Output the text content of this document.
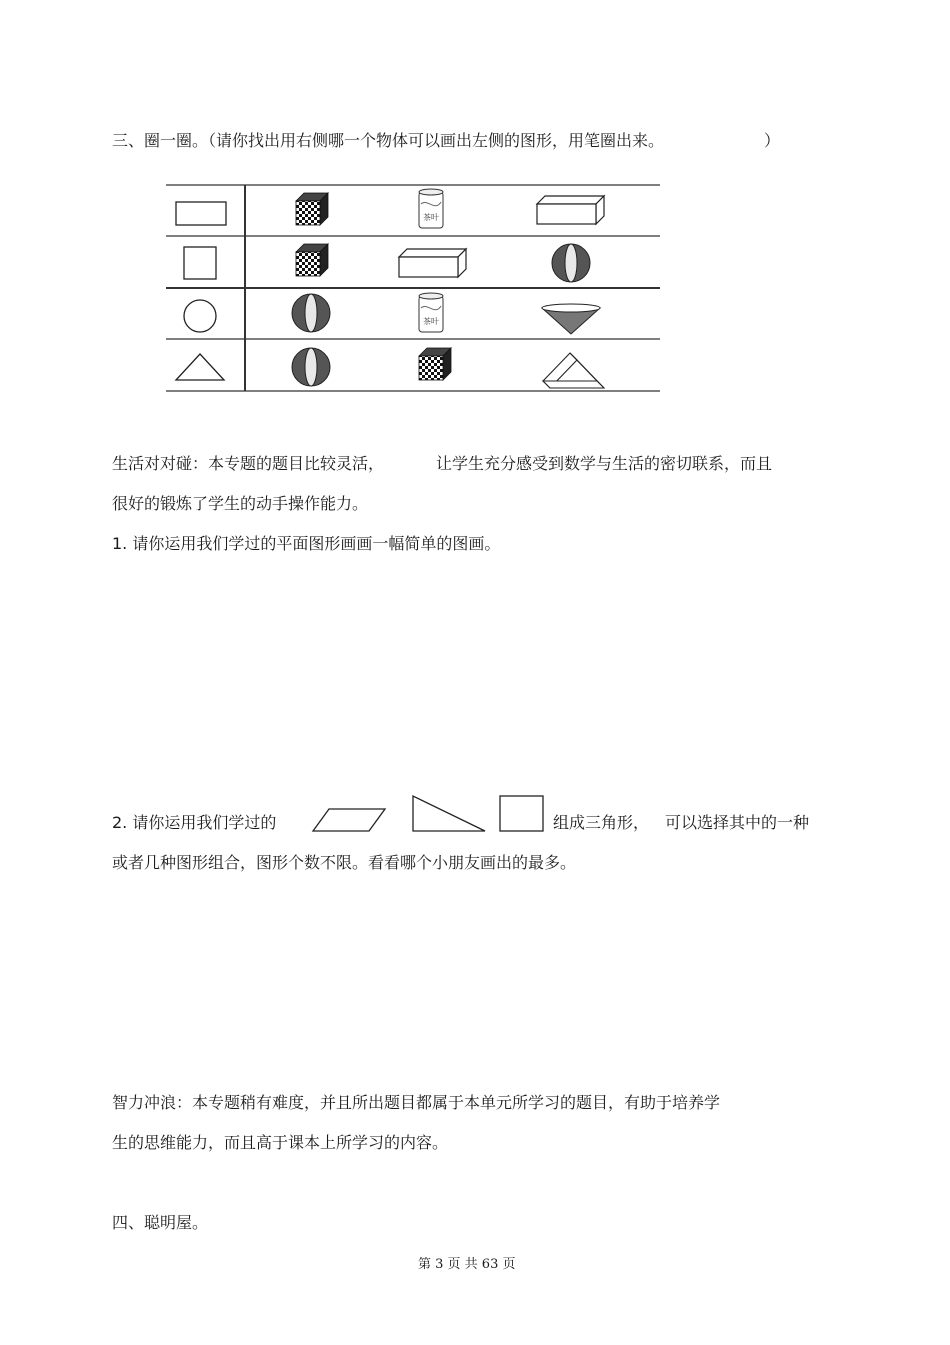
三、圈一圈。（请你找出用右侧哪一个物体可以画出左侧的图形，用笔圈出来。	）
茶叶
茶叶
生活对对碰：本专题的题目比较灵活，	让学生充分感受到数学与生活的密切联系，而且
很好的锻炼了学生的动手操作能力。
1. 请你运用我们学过的平面图形画画一幅简单的图画。
2. 请你运用我们学过的	组成三角形， 可以选择其中的一种
或者几种图形组合，图形个数不限。看看哪个小朋友画出的最多。
智力冲浪：本专题稍有难度，并且所出题目都属于本单元所学习的题目，有助于培养学
生的思维能力，而且高于课本上所学习的内容。
四、聪明屋。
第 3 页 共 63 页
